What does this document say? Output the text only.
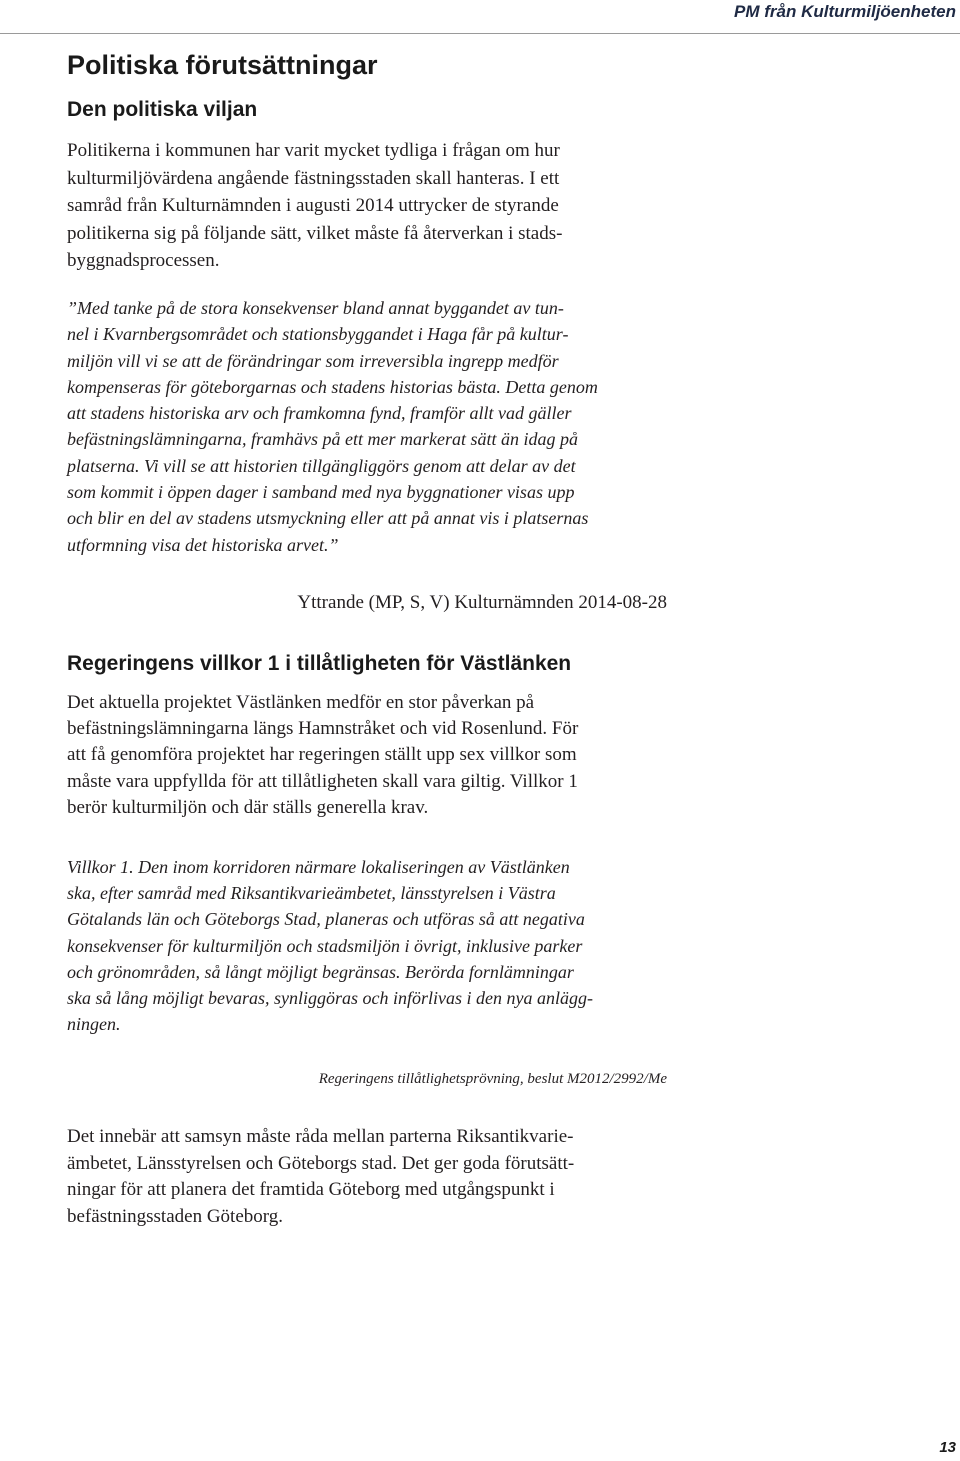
PM från Kulturmiljöenheten
Politiska förutsättningar
Den politiska viljan
Politikerna i kommunen har varit mycket tydliga i frågan om hur
kulturmiljövärdena angående fästningsstaden skall hanteras. I ett
samråd från Kulturnämnden i augusti 2014 uttrycker de styrande
politikerna sig på följande sätt, vilket måste få återverkan i stads-
byggnadsprocessen.
”Med tanke på de stora konsekvenser bland annat byggandet av tun-
nel i Kvarnbergsområdet och stationsbyggandet i Haga får på kultur-
miljön vill vi se att de förändringar som irreversibla ingrepp medför
kompenseras för göteborgarnas och stadens historias bästa. Detta genom
att stadens historiska arv och framkomna fynd, framför allt vad gäller
befästningslämningarna, framhävs på ett mer markerat sätt än idag på
platserna. Vi vill se att historien tillgängliggörs genom att delar av det
som kommit i öppen dager i samband med nya byggnationer visas upp
och blir en del av stadens utsmyckning eller att på annat vis i platsernas
utformning visa det historiska arvet.”
Yttrande (MP, S, V) Kulturnämnden 2014-08-28
Regeringens villkor 1 i tillåtligheten för Västlänken
Det aktuella projektet Västlänken medför en stor påverkan på
befästningslämningarna längs Hamnstråket och vid Rosenlund. För
att få genomföra projektet har regeringen ställt upp sex villkor som
måste vara uppfyllda för att tillåtligheten skall vara giltig. Villkor 1
berör kulturmiljön och där ställs generella krav.
Villkor 1. Den inom korridoren närmare lokaliseringen av Västlänken
ska, efter samråd med Riksantikvarieämbetet, länsstyrelsen i Västra
Götalands län och Göteborgs Stad, planeras och utföras så att negativa
konsekvenser för kulturmiljön och stadsmiljön i övrigt, inklusive parker
och grönområden, så långt möjligt begränsas. Berörda fornlämningar
ska så lång möjligt bevaras, synliggöras och införlivas i den nya anlägg-
ningen.
Regeringens tillåtlighetsprövning, beslut M2012/2992/Me
Det innebär att samsyn måste råda mellan parterna Riksantikvarie-
ämbetet, Länsstyrelsen och Göteborgs stad. Det ger goda förutsätt-
ningar för att planera det framtida Göteborg med utgångspunkt i
befästningsstaden Göteborg.
13
